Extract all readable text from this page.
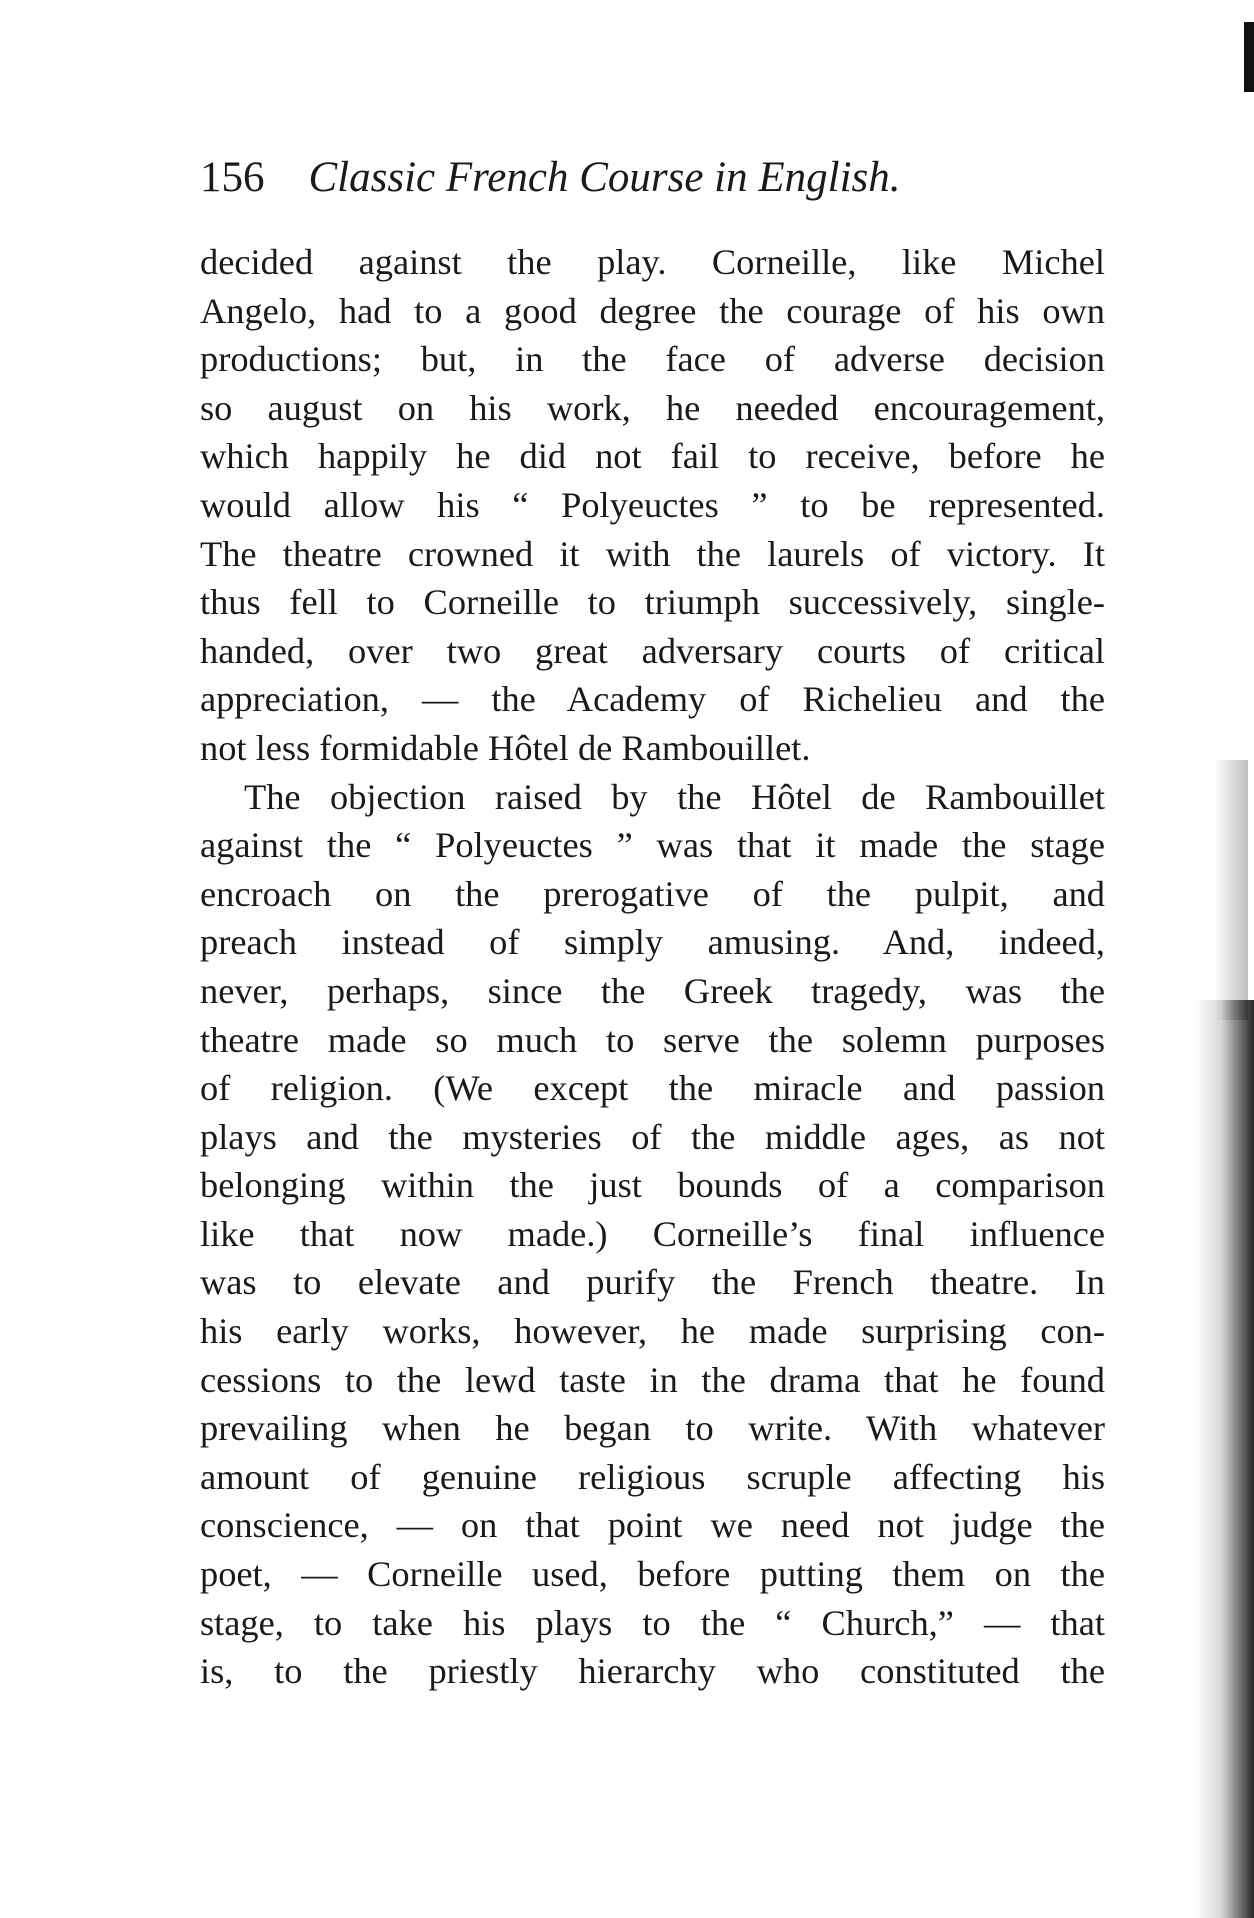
156 Classic French Course in English.
decided against the play. Corneille, like Michel
Angelo, had to a good degree the courage of his own
productions; but, in the face of adverse decision
so august on his work, he needed encouragement,
which happily he did not fail to receive, before he
would allow his “ Polyeuctes ” to be represented.
The theatre crowned it with the laurels of victory. It
thus fell to Corneille to triumph successively, single-
handed, over two great adversary courts of critical
appreciation, — the Academy of Richelieu and the
not less formidable Hôtel de Rambouillet.
The objection raised by the Hôtel de Rambouillet
against the “ Polyeuctes ” was that it made the stage
encroach on the prerogative of the pulpit, and
preach instead of simply amusing. And, indeed,
never, perhaps, since the Greek tragedy, was the
theatre made so much to serve the solemn purposes
of religion. (We except the miracle and passion
plays and the mysteries of the middle ages, as not
belonging within the just bounds of a comparison
like that now made.) Corneille’s final influence
was to elevate and purify the French theatre. In
his early works, however, he made surprising con-
cessions to the lewd taste in the drama that he found
prevailing when he began to write. With whatever
amount of genuine religious scruple affecting his
conscience, — on that point we need not judge the
poet, — Corneille used, before putting them on the
stage, to take his plays to the “ Church,” — that
is, to the priestly hierarchy who constituted the
